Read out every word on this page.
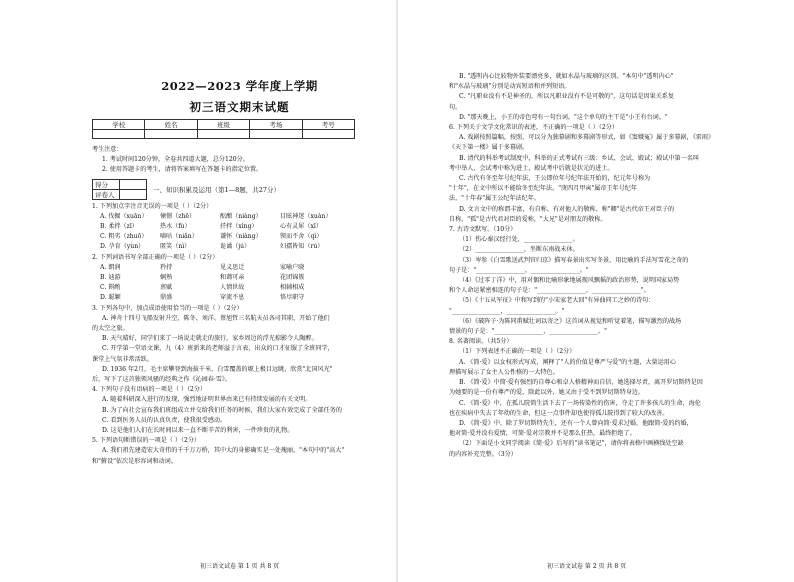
2022—2023 学年度上学期
初三语文期末试题
学校	姓名	班级	考场	考号

考生注意：
1. 考试时间120分钟，全卷共四道大题，总分120分。
2. 使用答题卡的考生，请将答案填写在答题卡的指定位置。
得分	
评卷人	
一、知识积累及运用（第1—8题，共27分）
1. 下列加点字注音无误的一项是（ ）（2分）
A. 伐掘（xuān）	憧憬（zhē）	酝酿（niàng）	目眩神迷（xuàn）
B. 柔拌（zī）	热水（fù）	扦拌（xìng）	心有灵犀（xī）
C. 粗劣（zhuō）	嘀咕（niǎn）	谦怀（niàng）	锲而不舍（qì）
D. 孕育（yùn）	匿笑（nì）	诡谲（jú）	妇孺皆知（rú）
2. 下列词语书写全部正确的一项是（ ）（2分）
A. 朗润	矜持	见义思迁	家喻户晓
B. 迪游	娴熟	和蔼可亲	花团锦簇
C. 斟酌	禀赋	人情世故	相辅相成
D. 聪颖	鼎盛	穿流不息	恪尽职守
3. 下列各句中，加点成语使用恰当的一项是（ ）（2分）
A. 神舟十四号飞船发射升空，陈冬、刘洋、蔡旭哲三名航天员各司其职，开始了他们
的太空之旅。
B. 天气晴好，同学们来了一场说走就走的旅行，家乡周边的浮光掠影令人陶醉。
C. 开学第一堂语文课，九（4）班新来的老师溢于言表，出众的口才征服了全班同学，
课堂上气氛非常活跃。
D. 1936 年2月，毛主席攀登到海拔千米、白雪覆盖的塬上极目远眺，欣赏"北国风光"
后，写下了这首独领风骚的经典之作《沁园春·雪》。
4. 下列句子没有语病的一项是（ ）（2分）
A. 随着科研深入进行的发现，强烈地证明世界由来已有持续发展的有关文明。
B. 为了向社会宣布我们班组成立并交给我们任务的时候，我们大家有效完成了全部任务的
C. 看到医务人员的认真负责，使我很受感动。
D. 这是他们人们在长时间以来一直不断辛苦的利害，一件珍贵的礼物。
5. 下列语句断错误的一项是（ ）（2分）
A. 我们祖先建造宏大奇伟的千千万万桥，其中大的身影确实是一处瑰丽，"本句中的"高大"
和"俯设"依次是形容词和动词。
初三语文试卷 第 1 页 共 8 页
B. "透明内心比较物外装要漂亮多，就如水晶与玻璃的区别。"本句中"透明内心"
和"水晶与玻璃"分别是动宾短语和并列短语。
C. "凡职业没有不是神圣的，所以凡职业没有不是可敬的"，这句话是因果关系复
句。
D. "那天晚上，小王的帝色弯有一句台词。"这个单句的主干是"小王有台词。"
6. 下列关于文学文化常识的表述，不正确的一项是（ ）（2分）
A. 戏剧按照篇幅，按照，可以分为独幕剧和多幕剧等形式，如《窦娥冤》属于多幕剧，《雷雨》
《天下第一楼》属于多幕剧。
B. 清代的科举考试制度中，科举的正式考试有三级：乡试、会试、殿试；殿试中第一名叫
考中举人，会试考中称为进士，殿试考中后就是状元的进士。
C. 古代有冬至年号纪年法，王公即位年号纪年法开始的，纪元年号称为
"十年"，在文中所以不能给冬至纪年法。"庚四月甲寅"属帝王年号纪年
法，"十年春"属王公纪年法纪年。
D. 文言文中的称谓丰富，有自称、有对他人的敬称、称"卿"是古代帝王对臣子的
自称，"孤"是古代君对臣的爱称，"大兄"是对朋友的敬称。
7. 古诗文默写。（10分）
（1）伤心秦汉经行处，________________。
（2）________________，坐断东南战未休。
（3）岑参《白雪歌送武判官归京》描写春景出实写冬景，用比喻的手法写雪花之奇的
句子是："________________，________________。"
（4）《过零丁洋》中，用对偶和比喻形象地展现风飘摇的政治形势，说明国家局势
和个人命运紧密相连的句子是："________________，________________"。
（5）《十五从军征》中和写到的"小宋家老大回"有异曲同工之妙的诗句：
"________________，________________。"
（6）《破阵子·为陈同甫赋壮词以寄之》这首词从视觉和听觉着笔，描写激烈的战场
情景的句子是："________________，________________。"
8. 名著阅读。（共5分）
（1）下列表述不正确的一项是（ ）（2分）
A. 《简·爱》以女权形式写成，阐释了"人的价值是尊严与爱"的主题，大量运用心
理描写展示了女主人公性格的一大特色。
B. 《简·爱》中简·爱有强烈的自尊心和卓人格精神而自信，她选择尽责，离开罗切斯特是因
为她要的是一份有尊严的爱，除此以外，她又由于受不到罗切斯特身边。
C. 《简·爱》中，在孤儿院简生活下去了一场传染性的伤害，夺走了许多孩儿的生命，海伦
也在疾病中失去了年幼的生命，但这一点事件却也使得孤儿院得到了较大的改善。
D. 《简·爱》中，除了罗切斯特先生，还有一个人曾向简·爱求过婚，他跟简·爱的约婚，
他对简·爱并没有爱情，可简·爱对宗教并不是那么狂热，最终拒绝了。
（2）下面是小文同学阅读《简·爱》后写的"读书笔记"，请你将表格中画横线处空缺
的内容补充完整。（3分）
初三语文试卷 第 2 页 共 8 页
